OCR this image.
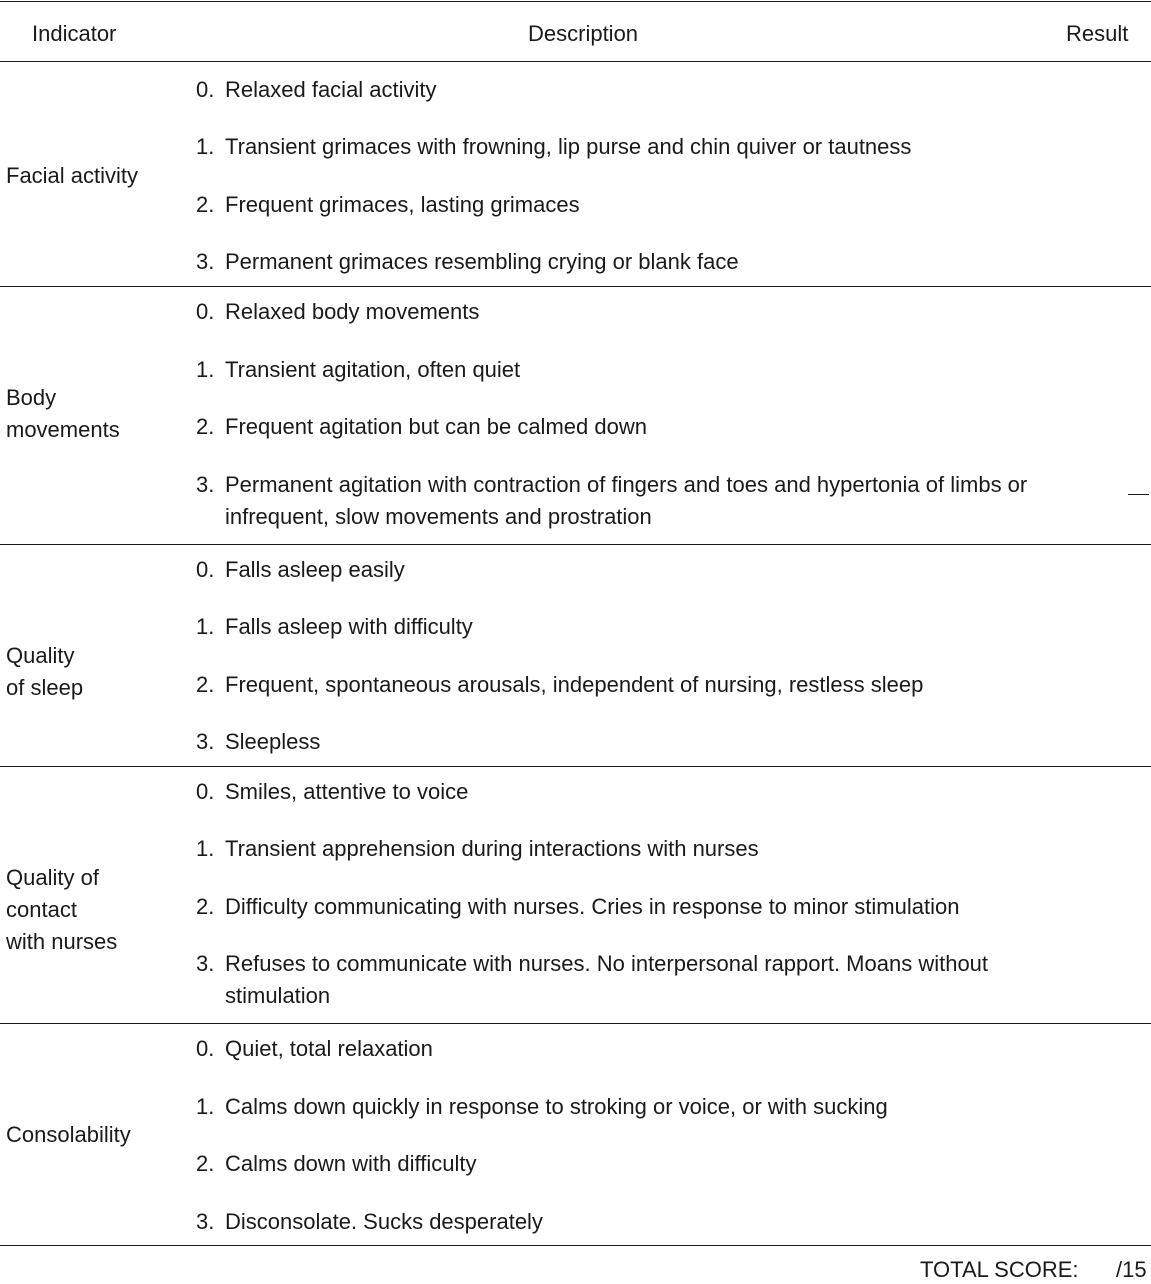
Indicator	Description	Result
Facial activity
0. Relaxed facial activity
1. Transient grimaces with frowning, lip purse and chin quiver or tautness
2. Frequent grimaces, lasting grimaces
3. Permanent grimaces resembling crying or blank face
Body
movements
0. Relaxed body movements
1. Transient agitation, often quiet
2. Frequent agitation but can be calmed down
3. Permanent agitation with contraction of fingers and toes and hypertonia of limbs or infrequent, slow movements and prostration
Quality
of sleep
0. Falls asleep easily
1. Falls asleep with difficulty
2. Frequent, spontaneous arousals, independent of nursing, restless sleep
3. Sleepless
Quality of
contact
with nurses
0. Smiles, attentive to voice
1. Transient apprehension during interactions with nurses
2. Difficulty communicating with nurses. Cries in response to minor stimulation
3. Refuses to communicate with nurses. No interpersonal rapport. Moans without stimulation
Consolability
0. Quiet, total relaxation
1. Calms down quickly in response to stroking or voice, or with sucking
2. Calms down with difficulty
3. Disconsolate. Sucks desperately
TOTAL SCORE: /15
